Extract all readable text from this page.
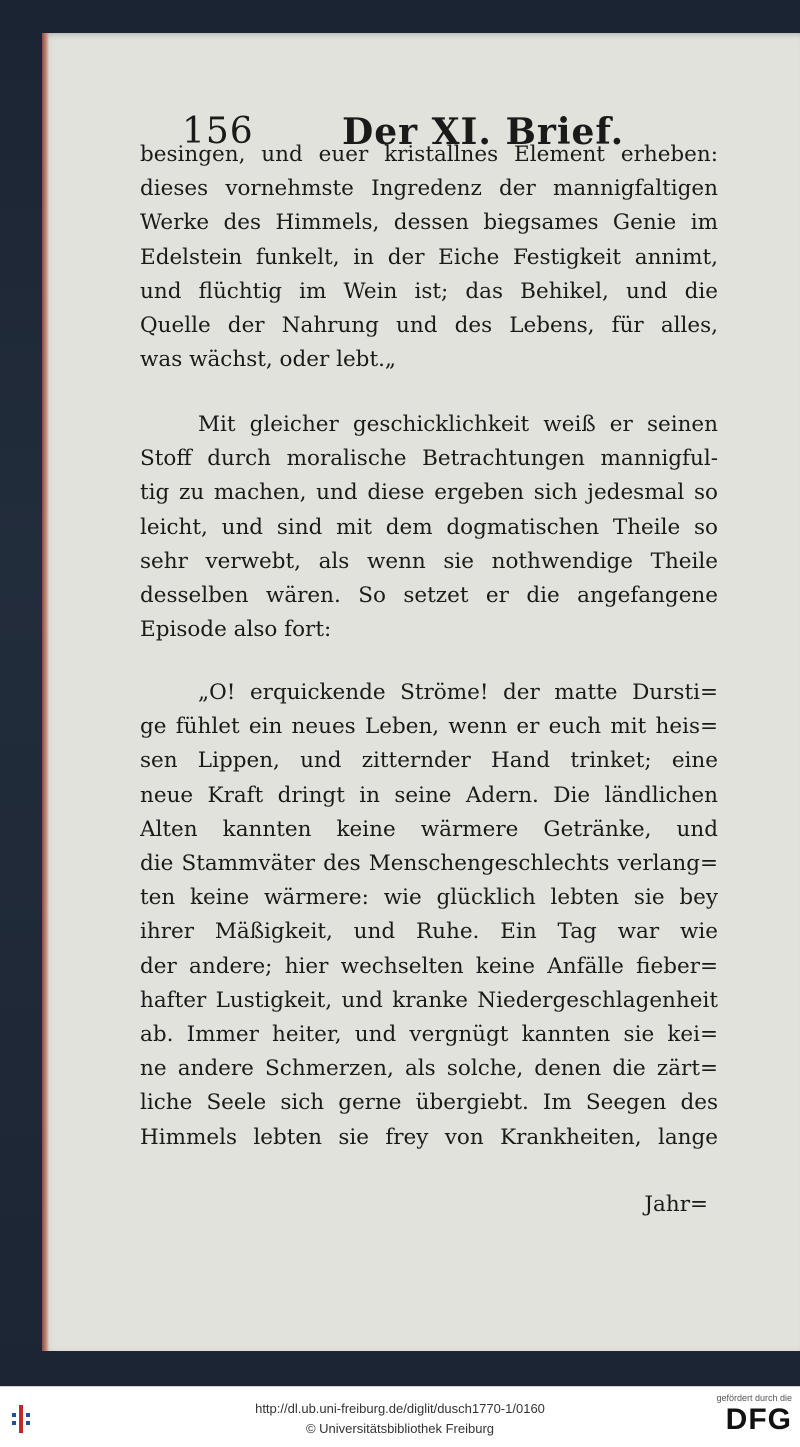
156 Der XI. Brief.
besingen, und euer kristallnes Element erheben:
dieses vornehmste Ingredenz der mannigfaltigen
Werke des Himmels, dessen biegsames Genie im
Edelstein funkelt, in der Eiche Festigkeit annimt,
und flüchtig im Wein ist; das Behikel, und die
Quelle der Nahrung und des Lebens, für alles,
was wächst, oder lebt.„
Mit gleicher geschicklichkeit weiß er seinen
Stoff durch moralische Betrachtungen mannigful-
tig zu machen, und diese ergeben sich jedesmal so
leicht, und sind mit dem dogmatischen Theile so
sehr verwebt, als wenn sie nothwendige Theile
desselben wären. So setzet er die angefangene
Episode also fort:
„O! erquickende Ströme! der matte Dursti=
ge fühlet ein neues Leben, wenn er euch mit heis=
sen Lippen, und zitternder Hand trinket; eine
neue Kraft dringt in seine Adern. Die ländlichen
Alten kannten keine wärmere Getränke, und
die Stammväter des Menschengeschlechts verlang=
ten keine wärmere: wie glücklich lebten sie bey
ihrer Mäßigkeit, und Ruhe. Ein Tag war wie
der andere; hier wechselten keine Anfälle fieber=
hafter Lustigkeit, und kranke Niedergeschlagenheit
ab. Immer heiter, und vergnügt kannten sie kei=
ne andere Schmerzen, als solche, denen die zärt=
liche Seele sich gerne übergiebt. Im Seegen des
Himmels lebten sie frey von Krankheiten, lange
Jahr=
http://dl.ub.uni-freiburg.de/diglit/dusch1770-1/0160
© Universitätsbibliothek Freiburg
gefördert durch die
DFG
